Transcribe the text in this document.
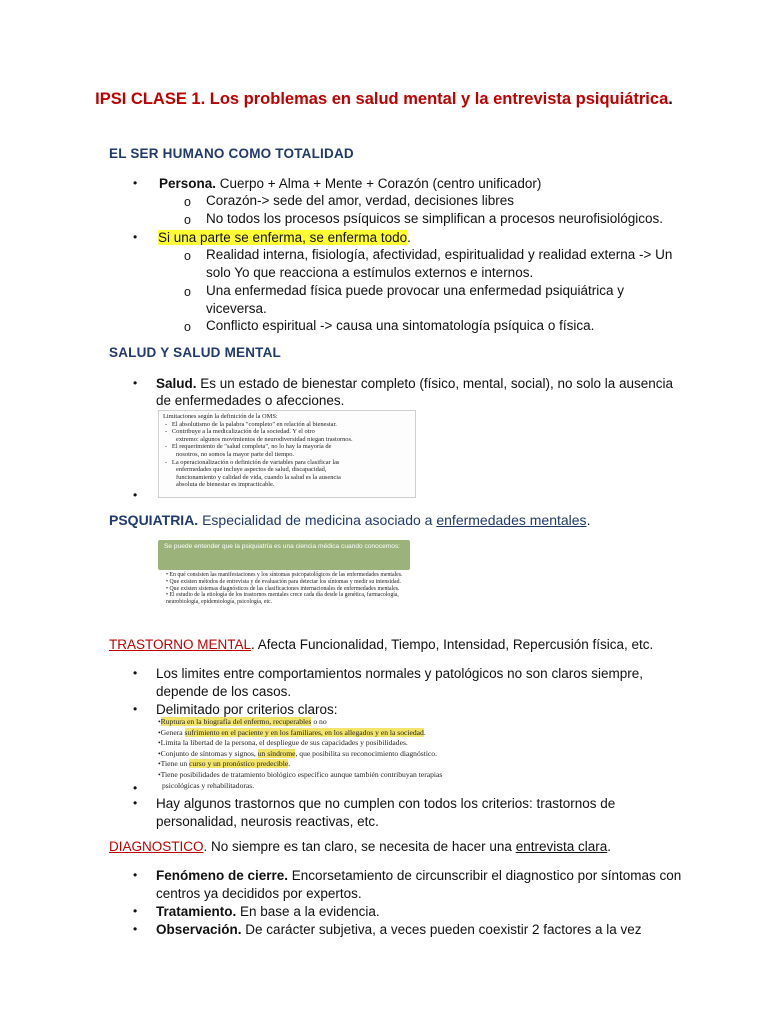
IPSI CLASE 1. Los problemas en salud mental y la entrevista psiquiátrica.
EL SER HUMANO COMO TOTALIDAD
• Persona. Cuerpo + Alma + Mente + Corazón (centro unificador)
o Corazón-> sede del amor, verdad, decisiones libres
o No todos los procesos psíquicos se simplifican a procesos neurofisiológicos.
• Si una parte se enferma, se enferma todo.
o Realidad interna, fisiología, afectividad, espiritualidad y realidad externa -> Un
solo Yo que reacciona a estímulos externos e internos.
o Una enfermedad física puede provocar una enfermedad psiquiátrica y
viceversa.
o Conflicto espiritual -> causa una sintomatología psíquica o física.
SALUD Y SALUD MENTAL
• Salud. Es un estado de bienestar completo (físico, mental, social), no solo la ausencia
de enfermedades o afecciones.
Limitaciones según la definición de la OMS:
-   El absolutismo de la palabra "completo" en relación al bienestar.
-   Contribuye a la medicalización de la sociedad. Y el otro
extremo: algunos movimientos de neurodiversidad niegan trastornos.
-   El requerimiento de "salud completa", no lo hay la mayoría de
nosotros, no somos la mayor parte del tiempo.
-   La operacionalización o definición de variables para clasificar las
enfermedades que incluye aspectos de salud, discapacidad,
funcionamiento y calidad de vida, cuando la salud es la ausencia
absoluta de bienestar es impracticable.
•
PSQUIATRIA. Especialidad de medicina asociado a enfermedades mentales.
Se puede entender que la psiquiatría es una ciencia médica cuando conocemos:
• En qué consisten las manifestaciones y los síntomas psicopatológicos de las enfermedades mentales.
• Que existen métodos de entrevista y de evaluación para detectar los síntomas y medir su intensidad.
• Que existen sistemas diagnósticos de las clasificaciones internacionales de enfermedades mentales.
• El estudio de la etiología de los trastornos mentales crece cada día desde la genética, farmacología, neurobiología, epidemiología, psicología, etc.
TRASTORNO MENTAL. Afecta Funcionalidad, Tiempo, Intensidad, Repercusión física, etc.
• Los limites entre comportamientos normales y patológicos no son claros siempre,
depende de los casos.
• Delimitado por criterios claros:
•Ruptura en la biografía del enfermo, recuperables o no
•Genera sufrimiento en el paciente y en los familiares, en los allegados y en la sociedad.
•Limita la libertad de la persona, el despliegue de sus capacidades y posibilidades.
•Conjunto de síntomas y signos, un síndrome, que posibilita su reconocimiento diagnóstico.
•Tiene un curso y un pronóstico predecible.
•Tiene posibilidades de tratamiento biológico específico aunque también contribuyan terapias
psicológicas y rehabilitadoras.
•
• Hay algunos trastornos que no cumplen con todos los criterios: trastornos de
personalidad, neurosis reactivas, etc.
DIAGNOSTICO. No siempre es tan claro, se necesita de hacer una entrevista clara.
• Fenómeno de cierre. Encorsetamiento de circunscribir el diagnostico por síntomas con
centros ya decididos por expertos.
• Tratamiento. En base a la evidencia.
• Observación. De carácter subjetiva, a veces pueden coexistir 2 factores a la vez
